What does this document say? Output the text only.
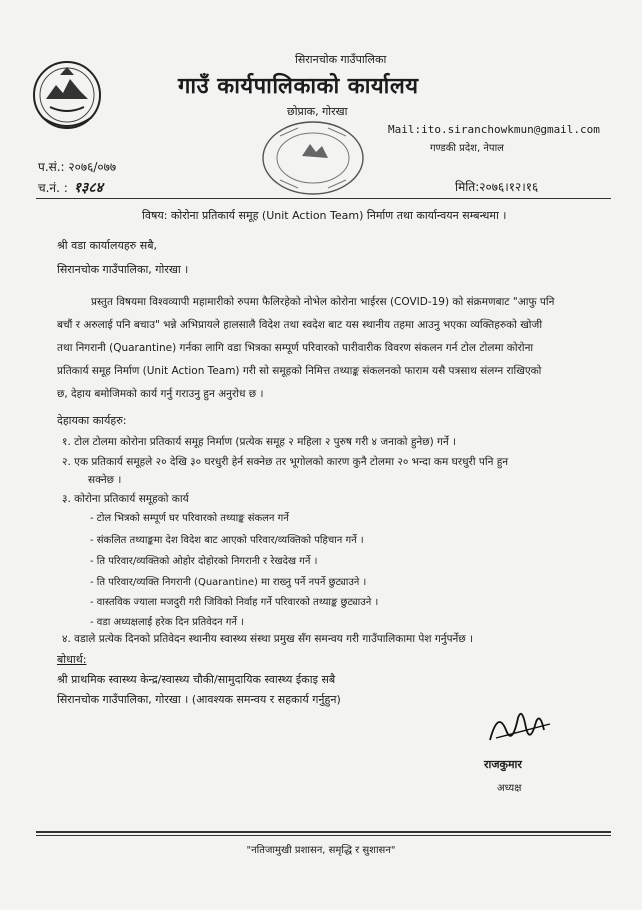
सिरानचोक गाउँपालिका
गाउँ कार्यपालिकाको कार्यालय
छोप्राक, गोरखा
Mail:ito.siranchowkmun@gmail.com
गण्डकी प्रदेश, नेपाल
प.सं.: २०७६/०७७
च.नं. : १३८४	मिति:२०७६।१२।१६
विषय: कोरोना प्रतिकार्य समूह (Unit Action Team) निर्माण तथा कार्यान्वयन सम्बन्धमा ।
श्री वडा कार्यालयहरु सबै,
सिरानचोक गाउँपालिका, गोरखा ।
प्रस्तुत विषयमा विश्वव्यापी महामारीको रुपमा फैलिरहेको नोभेल कोरोना भाईरस (COVID-19) को संक्रमणबाट "आफु पनि
बचौं र अरुलाई पनि बचाउ" भन्ने अभिप्रायले हालसालै विदेश तथा स्वदेश बाट यस स्थानीय तहमा आउनु भएका व्यक्तिहरुको खोजी
तथा निगरानी (Quarantine) गर्नका लागि वडा भित्रका सम्पूर्ण परिवारको पारीवारीक विवरण संकलन गर्न टोल टोलमा कोरोना
प्रतिकार्य समूह निर्माण (Unit Action Team) गरी सो समूहको निमित्त तथ्याङ्क संकलनको फाराम यसै पत्रसाथ संलग्न राखिएको
छ, देहाय बमोजिमको कार्य गर्नु गराउनु हुन अनुरोध छ ।
देहायका कार्यहरु:
१. टोल टोलमा कोरोना प्रतिकार्य समूह निर्माण (प्रत्येक समूह २ महिला २ पुरुष गरी ४ जनाको हुनेछ) गर्ने ।
२. एक प्रतिकार्य समूहले २० देखि ३० घरधुरी हेर्न सक्नेछ तर भूगोलको कारण कुनै टोलमा २० भन्दा कम घरधुरी पनि हुन
सक्नेछ ।
३. कोरोना प्रतिकार्य समूहको कार्य
- टोल भित्रको सम्पूर्ण घर परिवारको तथ्याङ्क संकलन गर्ने
- संकलित तथ्याङ्कमा देश विदेश बाट आएको परिवार/व्यक्तिको पहिचान गर्ने ।
- ति परिवार/व्यक्तिको ओहोर दोहोरको निगरानी र रेखदेख गर्ने ।
- ति परिवार/व्यक्ति निगरानी (Quarantine) मा राख्नु पर्ने नपर्ने छुट्याउने ।
- वास्तविक ज्याला मजदुरी गरी जिविको निर्वाह गर्ने परिवारको तथ्याङ्क छुट्याउने ।
- वडा अध्यक्षलाई हरेक दिन प्रतिवेदन गर्ने ।
४. वडाले प्रत्येक दिनको प्रतिवेदन स्थानीय स्वास्थ्य संस्था प्रमुख सँग समन्वय गरी गाउँपालिकामा पेश गर्नुपर्नेछ ।
बोधार्थ:
श्री प्राथमिक स्वास्थ्य केन्द्र/स्वास्थ्य चौकी/सामुदायिक स्वास्थ्य ईकाइ सबै
सिरानचोक गाउँपालिका, गोरखा । (आवश्यक समन्वय र सहकार्य गर्नुहुन)
राजकुमार
अध्यक्ष
"नतिजामुखी प्रशासन, समृद्धि र सुशासन"
